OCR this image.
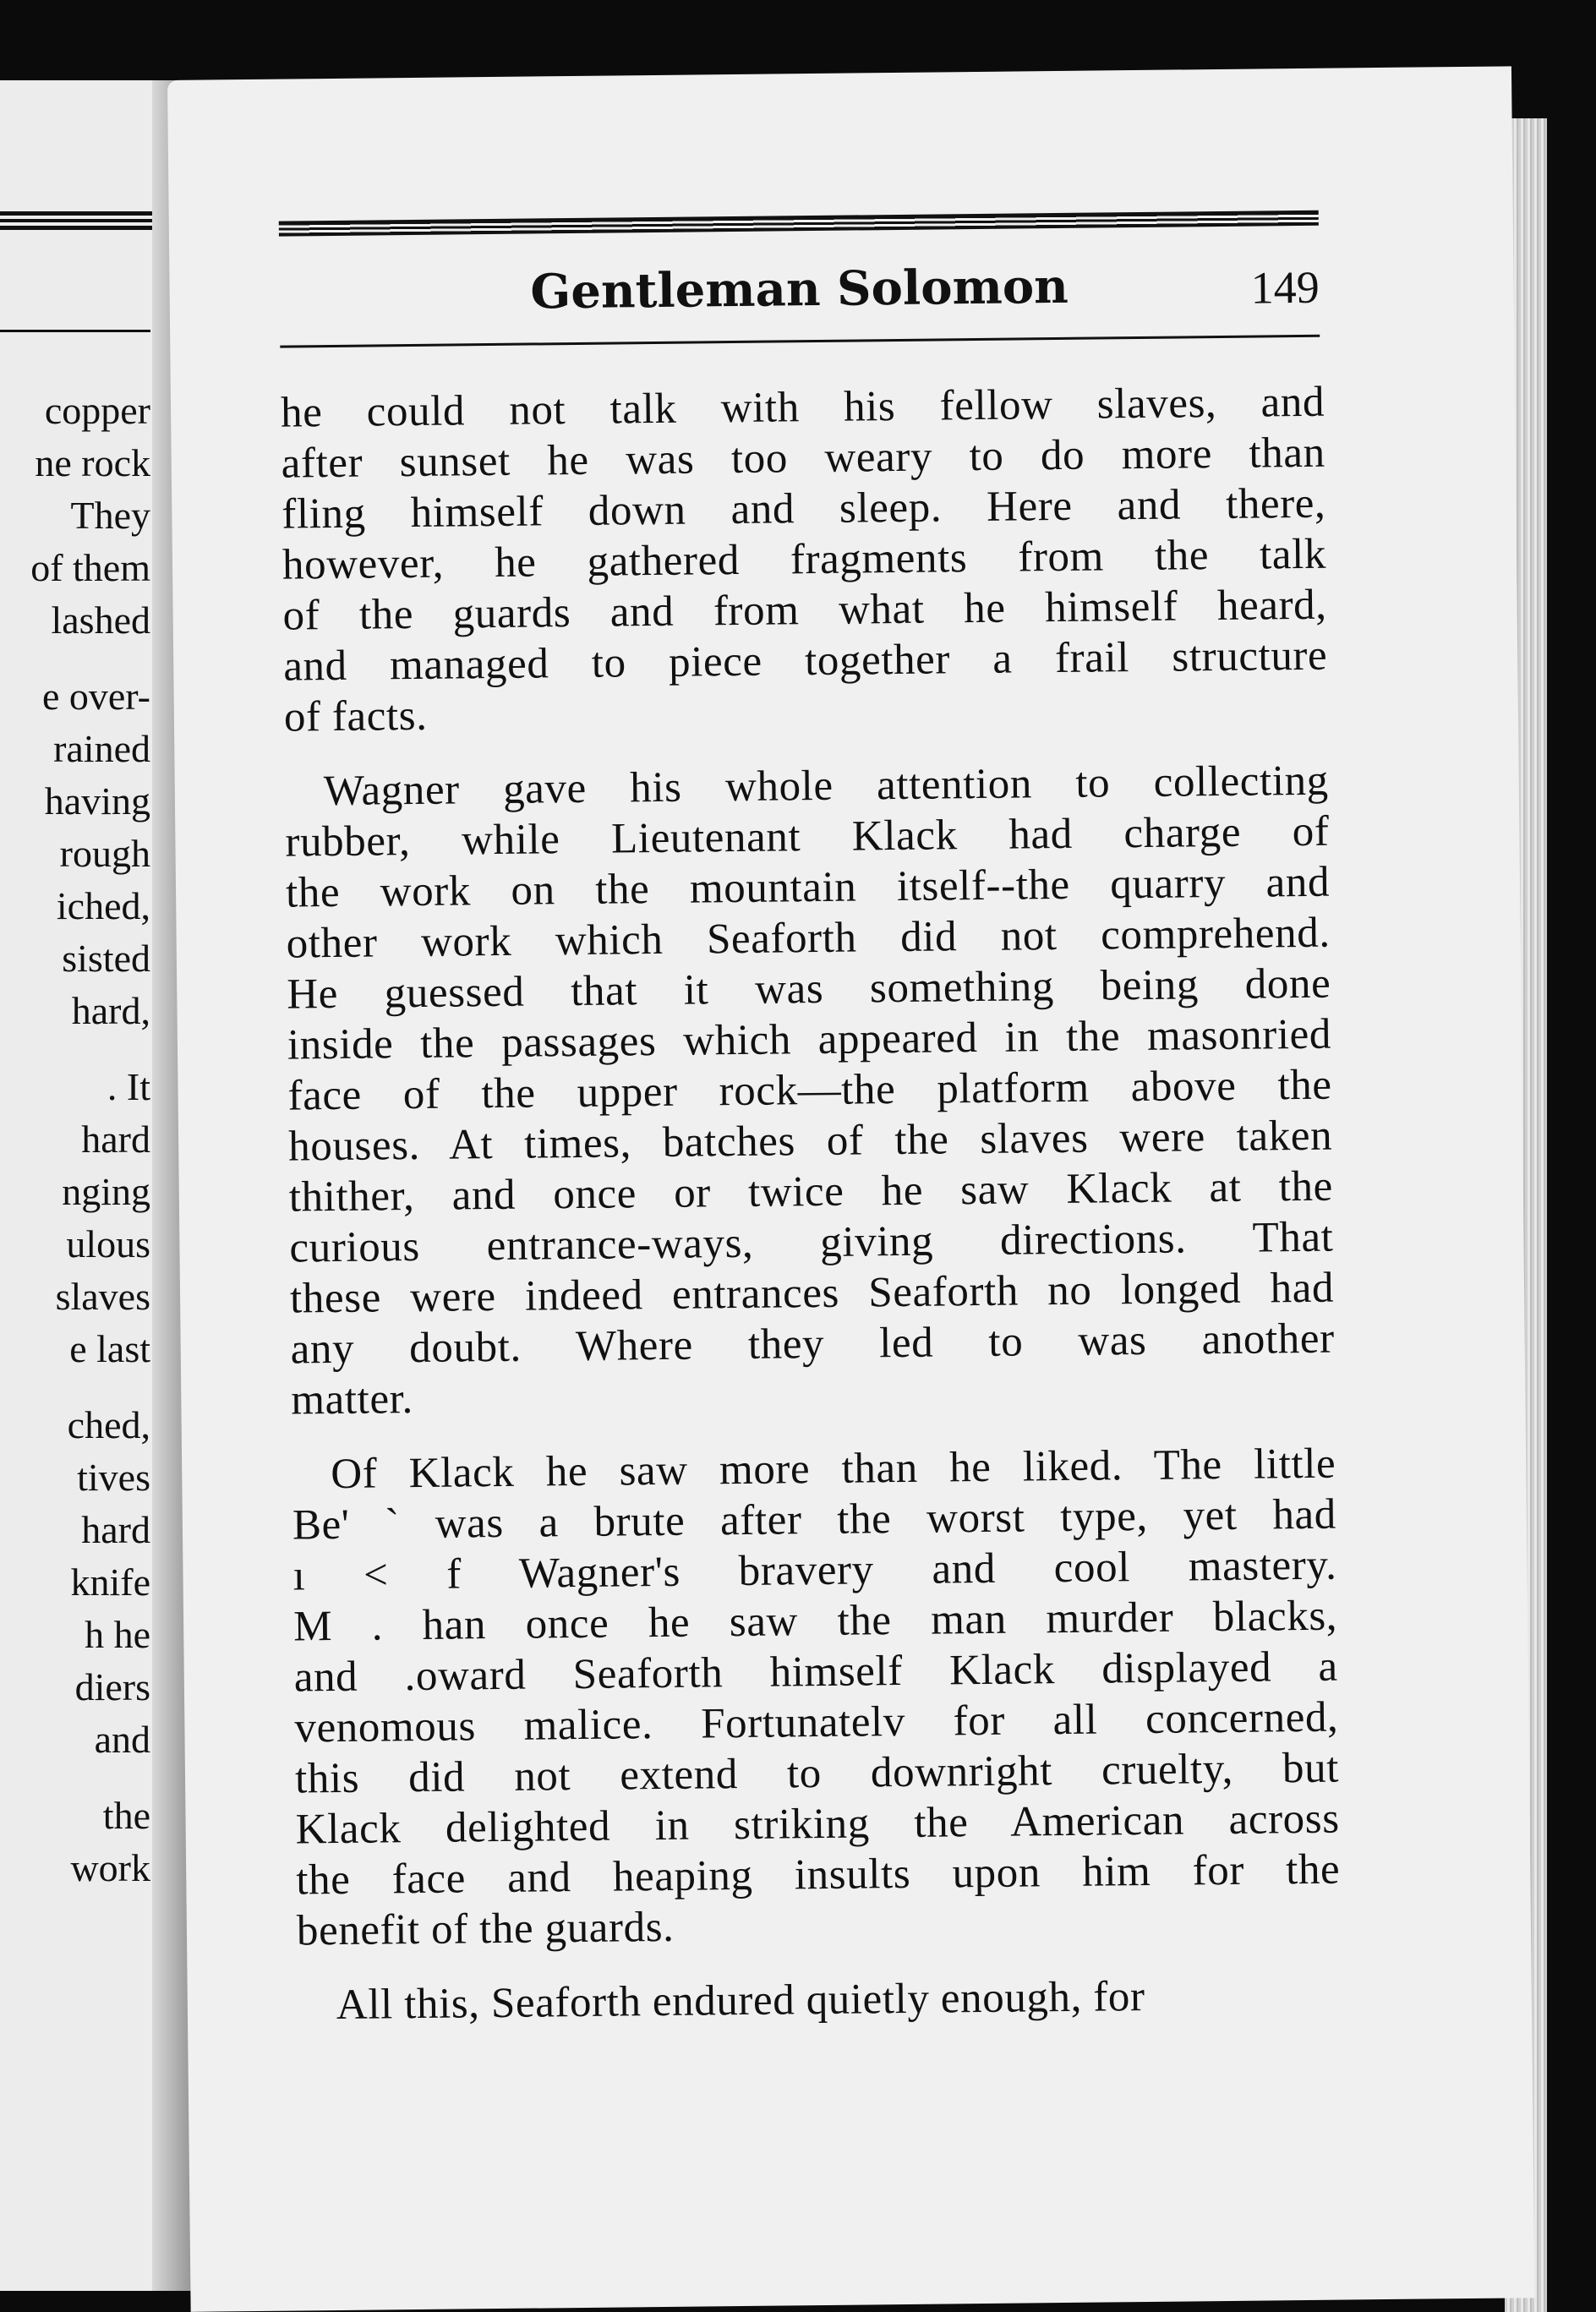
copper
ne rock
They
of them
lashed
e over-
rained
having
rough
iched,
sisted
hard,
. It
hard
nging
ulous
slaves
e last
ched,
tives
hard
knife
h he
diers
and
the
work
Gentleman Solomon	149
he could not talk with his fellow slaves, and
after sunset he was too weary to do more than
fling himself down and sleep. Here and there,
however, he gathered fragments from the talk
of the guards and from what he himself heard,
and managed to piece together a frail structure
of facts.
Wagner gave his whole attention to collecting
rubber, while Lieutenant Klack had charge of
the work on the mountain itself--the quarry and
other work which Seaforth did not comprehend.
He guessed that it was something being done
inside the passages which appeared in the masonried
face of the upper rock—the platform above the
houses. At times, batches of the slaves were taken
thither, and once or twice he saw Klack at the
curious entrance-ways, giving directions. That
these were indeed entrances Seaforth no longed had
any doubt. Where they led to was another
matter.
Of Klack he saw more than he liked. The little
Be' ` was a brute after the worst type, yet had
ı < f Wagner's bravery and cool mastery.
M . han once he saw the man murder blacks,
and .oward Seaforth himself Klack displayed a
venomous malice. Fortunatelv for all concerned,
this did not extend to downright cruelty, but
Klack delighted in striking the American across
the face and heaping insults upon him for the
benefit of the guards.
All this, Seaforth endured quietly enough, for
